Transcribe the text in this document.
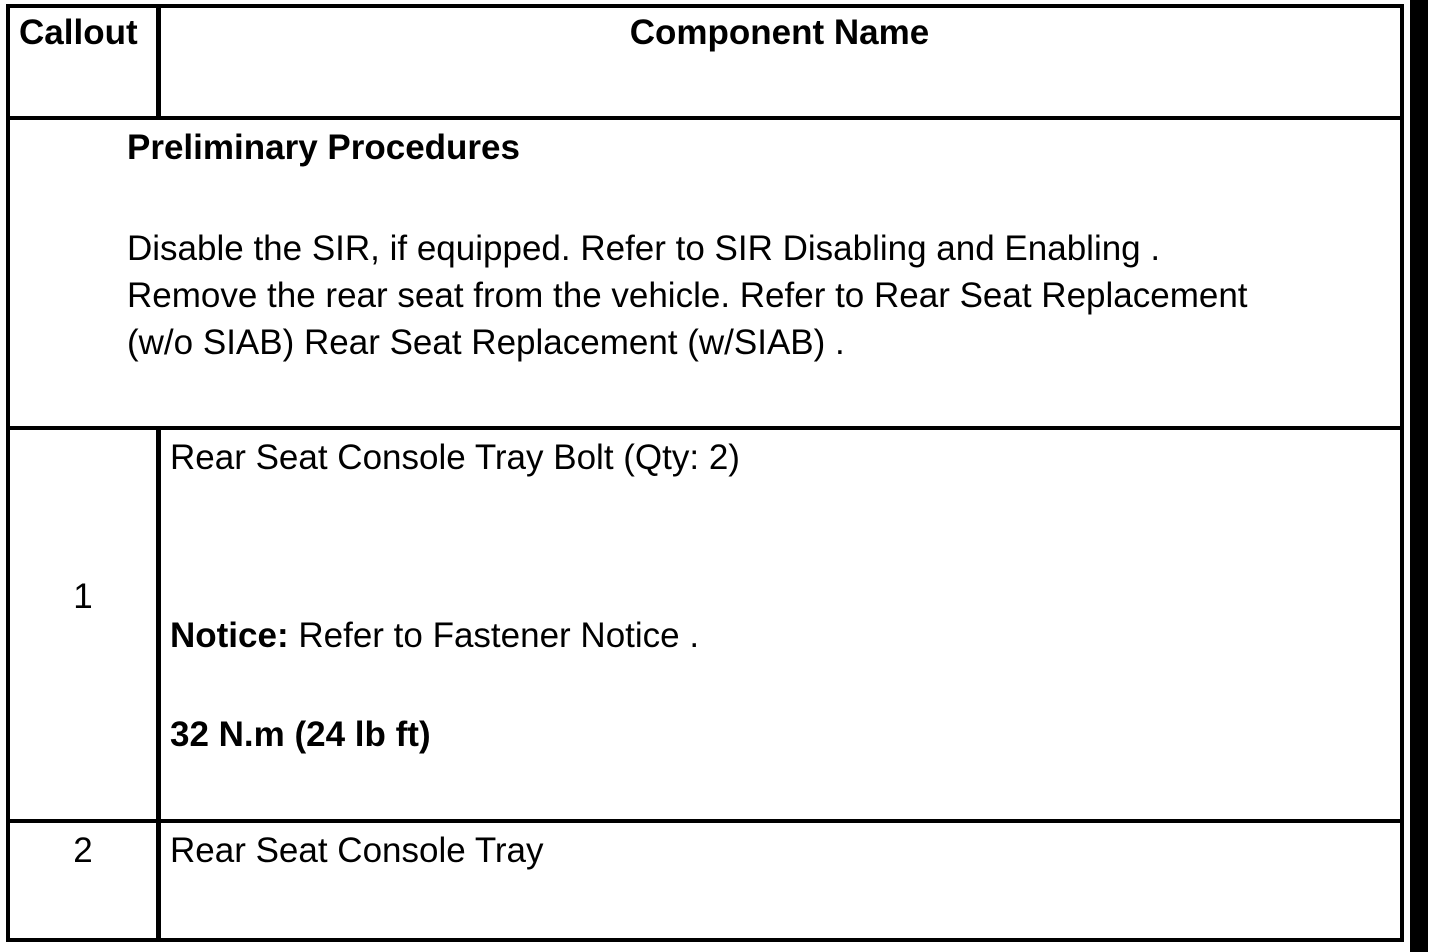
Callout	Component Name
Preliminary Procedures
Disable the SIR, if equipped. Refer to SIR Disabling and Enabling .
Remove the rear seat from the vehicle. Refer to Rear Seat Replacement
(w/o SIAB) Rear Seat Replacement (w/SIAB) .
1
Rear Seat Console Tray Bolt (Qty: 2)
Notice: Refer to Fastener Notice .
32 N.m (24 lb ft)
2	Rear Seat Console Tray
